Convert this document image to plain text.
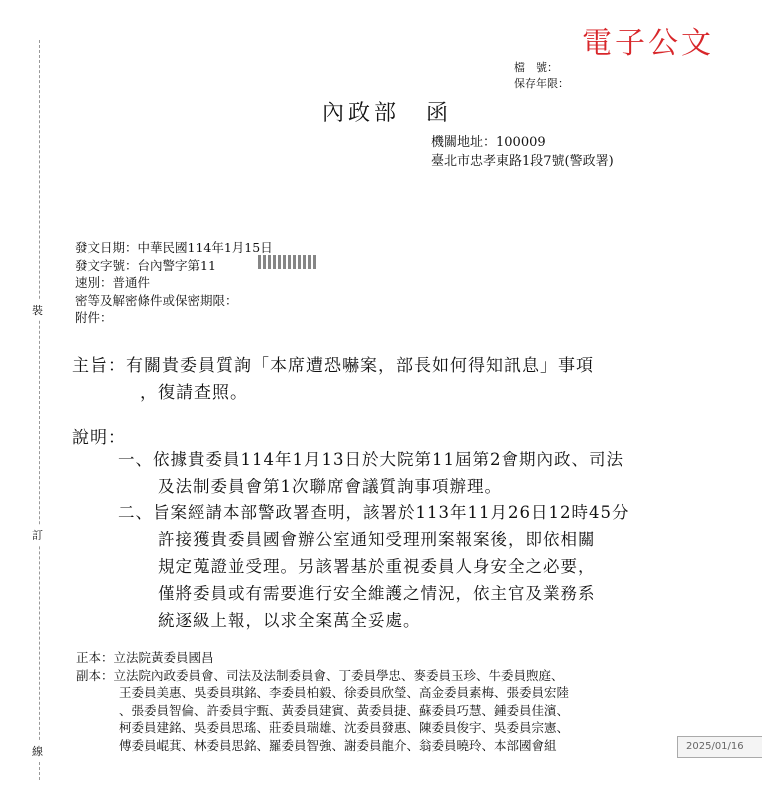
電子公文
檔　號：
保存年限：
內政部　函
機關地址：100009
臺北市忠孝東路1段7號(警政署)
裝
訂
線
發文日期：中華民國114年1月15日
發文字號：台內警字第11
速別：普通件
密等及解密條件或保密期限：
附件：
主旨：有關貴委員質詢「本席遭恐嚇案，部長如何得知訊息」事項
，復請查照。
說明：
一、依據貴委員114年1月13日於大院第11屆第2會期內政、司法
及法制委員會第1次聯席會議質詢事項辦理。
二、旨案經請本部警政署查明，該署於113年11月26日12時45分
許接獲貴委員國會辦公室通知受理刑案報案後，即依相關
規定蒐證並受理。另該署基於重視委員人身安全之必要，
僅將委員或有需要進行安全維護之情況，依主官及業務系
統逐級上報，以求全案萬全妥處。
正本：立法院黃委員國昌
副本：立法院內政委員會、司法及法制委員會、丁委員學忠、麥委員玉珍、牛委員煦庭、
王委員美惠、吳委員琪銘、李委員柏毅、徐委員欣瑩、高金委員素梅、張委員宏陸
、張委員智倫、許委員宇甄、黃委員建賓、黃委員捷、蘇委員巧慧、鍾委員佳濱、
柯委員建銘、吳委員思瑤、莊委員瑞雄、沈委員發惠、陳委員俊宇、吳委員宗憲、
傅委員崐萁、林委員思銘、羅委員智強、謝委員龍介、翁委員曉玲、本部國會組	2025/01/16
